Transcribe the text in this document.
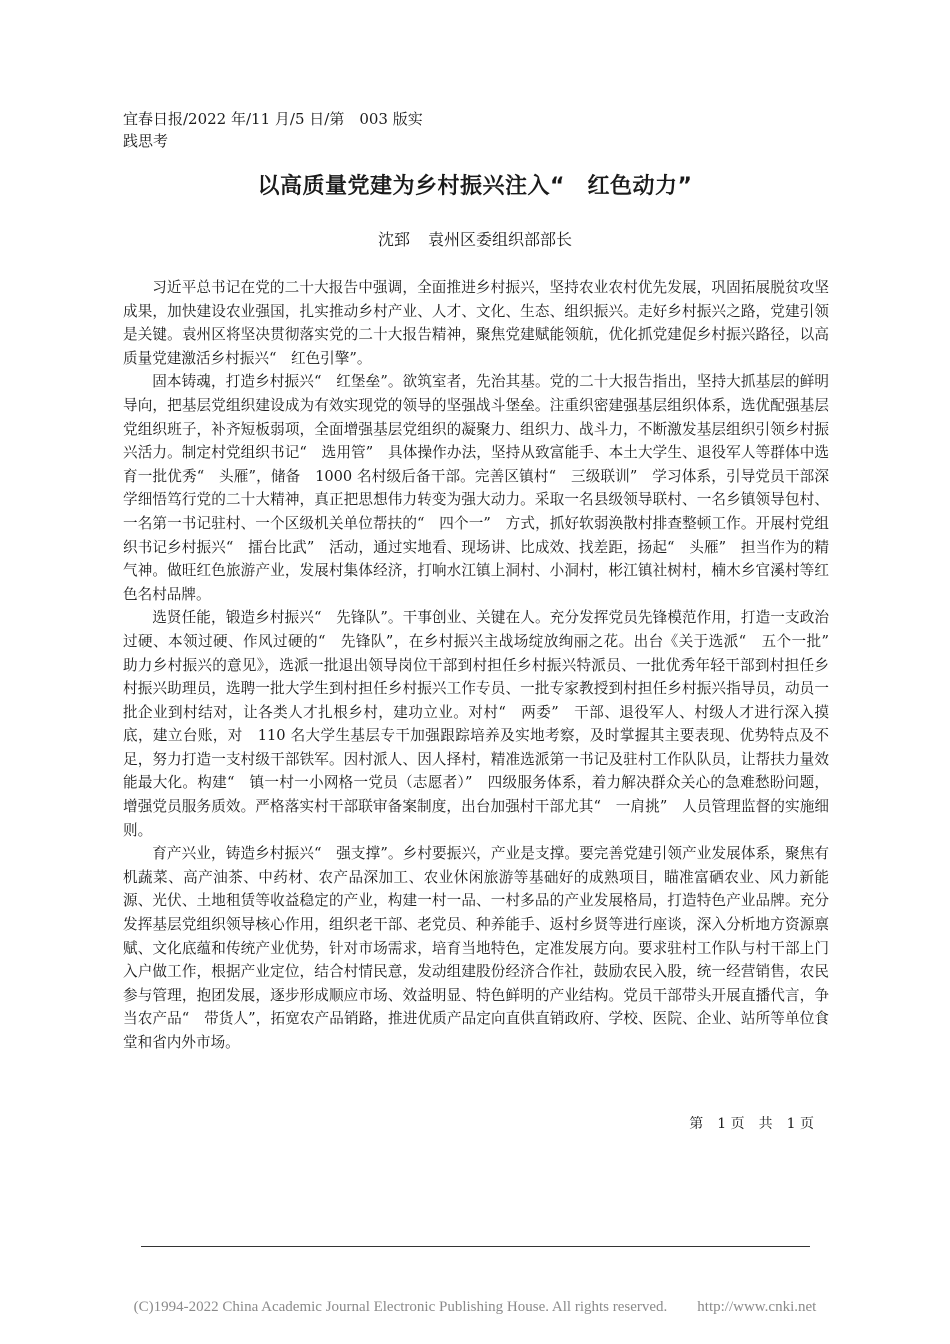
宜春日报/2022 年/11 月/5 日/第　003 版实践思考
以高质量党建为乡村振兴注入“　红色动力”
沈郅 袁州区委组织部部长

习近平总书记在党的二十大报告中强调，全面推进乡村振兴，坚持农业农村优先发展，巩固拓展脱贫攻坚成果，加快建设农业强国，扎实推动乡村产业、人才、文化、生态、组织振兴。走好乡村振兴之路，党建引领是关键。袁州区将坚决贯彻落实党的二十大报告精神，聚焦党建赋能领航，优化抓党建促乡村振兴路径，以高质量党建激活乡村振兴“　红色引擎”。

固本铸魂，打造乡村振兴“　红堡垒”。欲筑室者，先治其基。党的二十大报告指出，坚持大抓基层的鲜明导向，把基层党组织建设成为有效实现党的领导的坚强战斗堡垒。注重织密建强基层组织体系，选优配强基层党组织班子，补齐短板弱项，全面增强基层党组织的凝聚力、组织力、战斗力，不断激发基层组织引领乡村振兴活力。制定村党组织书记“　选用管”　具体操作办法，坚持从致富能手、本土大学生、退役军人等群体中选育一批优秀“　头雁”，储备　1000 名村级后备干部。完善区镇村“　三级联训”　学习体系，引导党员干部深学细悟笃行党的二十大精神，真正把思想伟力转变为强大动力。采取一名县级领导联村、一名乡镇领导包村、一名第一书记驻村、一个区级机关单位帮扶的“　四个一”　方式，抓好软弱涣散村排查整顿工作。开展村党组织书记乡村振兴“　擂台比武”　活动，通过实地看、现场讲、比成效、找差距，扬起“　头雁”　担当作为的精气神。做旺红色旅游产业，发展村集体经济，打响水江镇上洞村、小洞村，彬江镇社树村，楠木乡官溪村等红色名村品牌。

选贤任能，锻造乡村振兴“　先锋队”。干事创业、关键在人。充分发挥党员先锋模范作用，打造一支政治过硬、本领过硬、作风过硬的“　先锋队”，在乡村振兴主战场绽放绚丽之花。出台《关于选派“　五个一批”　助力乡村振兴的意见》，选派一批退出领导岗位干部到村担任乡村振兴特派员、一批优秀年轻干部到村担任乡村振兴助理员，选聘一批大学生到村担任乡村振兴工作专员、一批专家教授到村担任乡村振兴指导员，动员一批企业到村结对，让各类人才扎根乡村，建功立业。对村“　两委”　干部、退役军人、村级人才进行深入摸底，建立台账，对　110 名大学生基层专干加强跟踪培养及实地考察，及时掌握其主要表现、优势特点及不足，努力打造一支村级干部铁军。因村派人、因人择村，精准选派第一书记及驻村工作队队员，让帮扶力量效能最大化。构建“　镇一村一小网格一党员（志愿者）”　四级服务体系，着力解决群众关心的急难愁盼问题，增强党员服务质效。严格落实村干部联审备案制度，出台加强村干部尤其“　一肩挑”　人员管理监督的实施细则。

育产兴业，铸造乡村振兴“　强支撑”。乡村要振兴，产业是支撑。要完善党建引领产业发展体系，聚焦有机蔬菜、高产油茶、中药材、农产品深加工、农业休闲旅游等基础好的成熟项目，瞄准富硒农业、风力新能源、光伏、土地租赁等收益稳定的产业，构建一村一品、一村多品的产业发展格局，打造特色产业品牌。充分发挥基层党组织领导核心作用，组织老干部、老党员、种养能手、返村乡贤等进行座谈，深入分析地方资源禀赋、文化底蕴和传统产业优势，针对市场需求，培育当地特色，定准发展方向。要求驻村工作队与村干部上门入户做工作，根据产业定位，结合村情民意，发动组建股份经济合作社，鼓励农民入股，统一经营销售，农民参与管理，抱团发展，逐步形成顺应市场、效益明显、特色鲜明的产业结构。党员干部带头开展直播代言，争当农产品“　带货人”，拓宽农产品销路，推进优质产品定向直供直销政府、学校、医院、企业、站所等单位食堂和省内外市场。

第　1 页　共　1 页
(C)1994-2022 China Academic Journal Electronic Publishing House. All rights reserved.　　http://www.cnki.net
